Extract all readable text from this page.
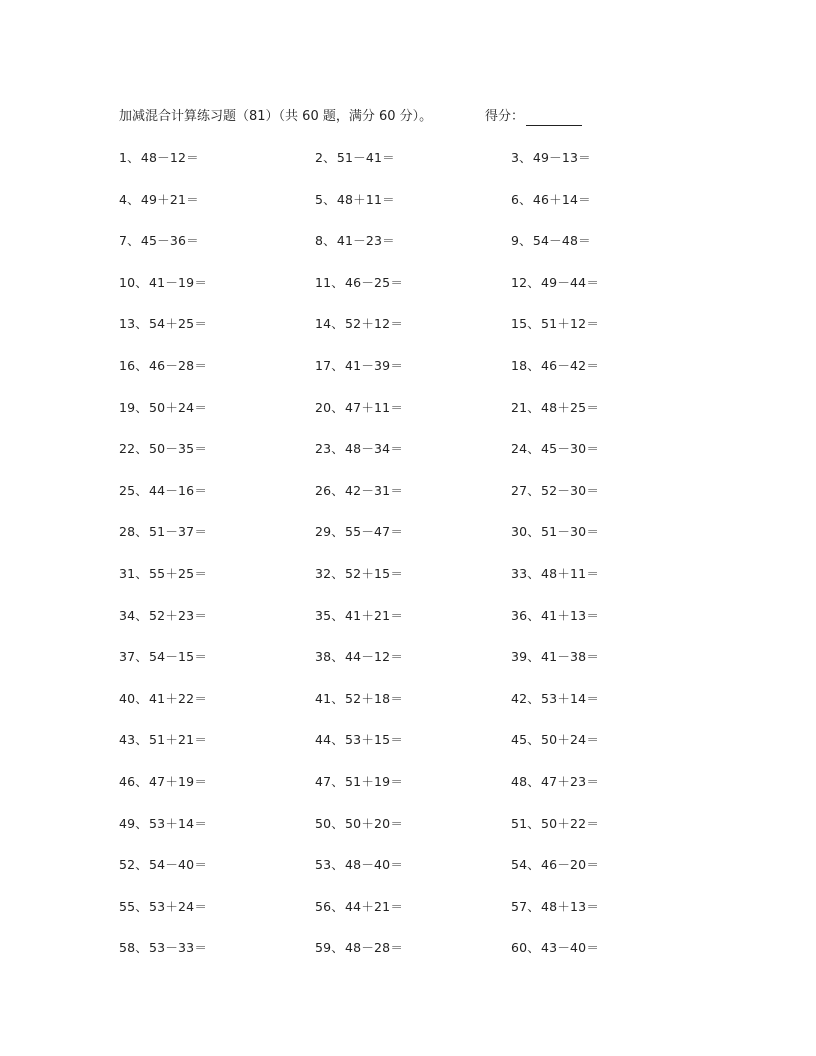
加减混合计算练习题（81）（共 60 题，满分 60 分）。	得分：
1、48－12＝	2、51－41＝	3、49－13＝
4、49＋21＝	5、48＋11＝	6、46＋14＝
7、45－36＝	8、41－23＝	9、54－48＝
10、41－19＝	11、46－25＝	12、49－44＝
13、54＋25＝	14、52＋12＝	15、51＋12＝
16、46－28＝	17、41－39＝	18、46－42＝
19、50＋24＝	20、47＋11＝	21、48＋25＝
22、50－35＝	23、48－34＝	24、45－30＝
25、44－16＝	26、42－31＝	27、52－30＝
28、51－37＝	29、55－47＝	30、51－30＝
31、55＋25＝	32、52＋15＝	33、48＋11＝
34、52＋23＝	35、41＋21＝	36、41＋13＝
37、54－15＝	38、44－12＝	39、41－38＝
40、41＋22＝	41、52＋18＝	42、53＋14＝
43、51＋21＝	44、53＋15＝	45、50＋24＝
46、47＋19＝	47、51＋19＝	48、47＋23＝
49、53＋14＝	50、50＋20＝	51、50＋22＝
52、54－40＝	53、48－40＝	54、46－20＝
55、53＋24＝	56、44＋21＝	57、48＋13＝
58、53－33＝	59、48－28＝	60、43－40＝
